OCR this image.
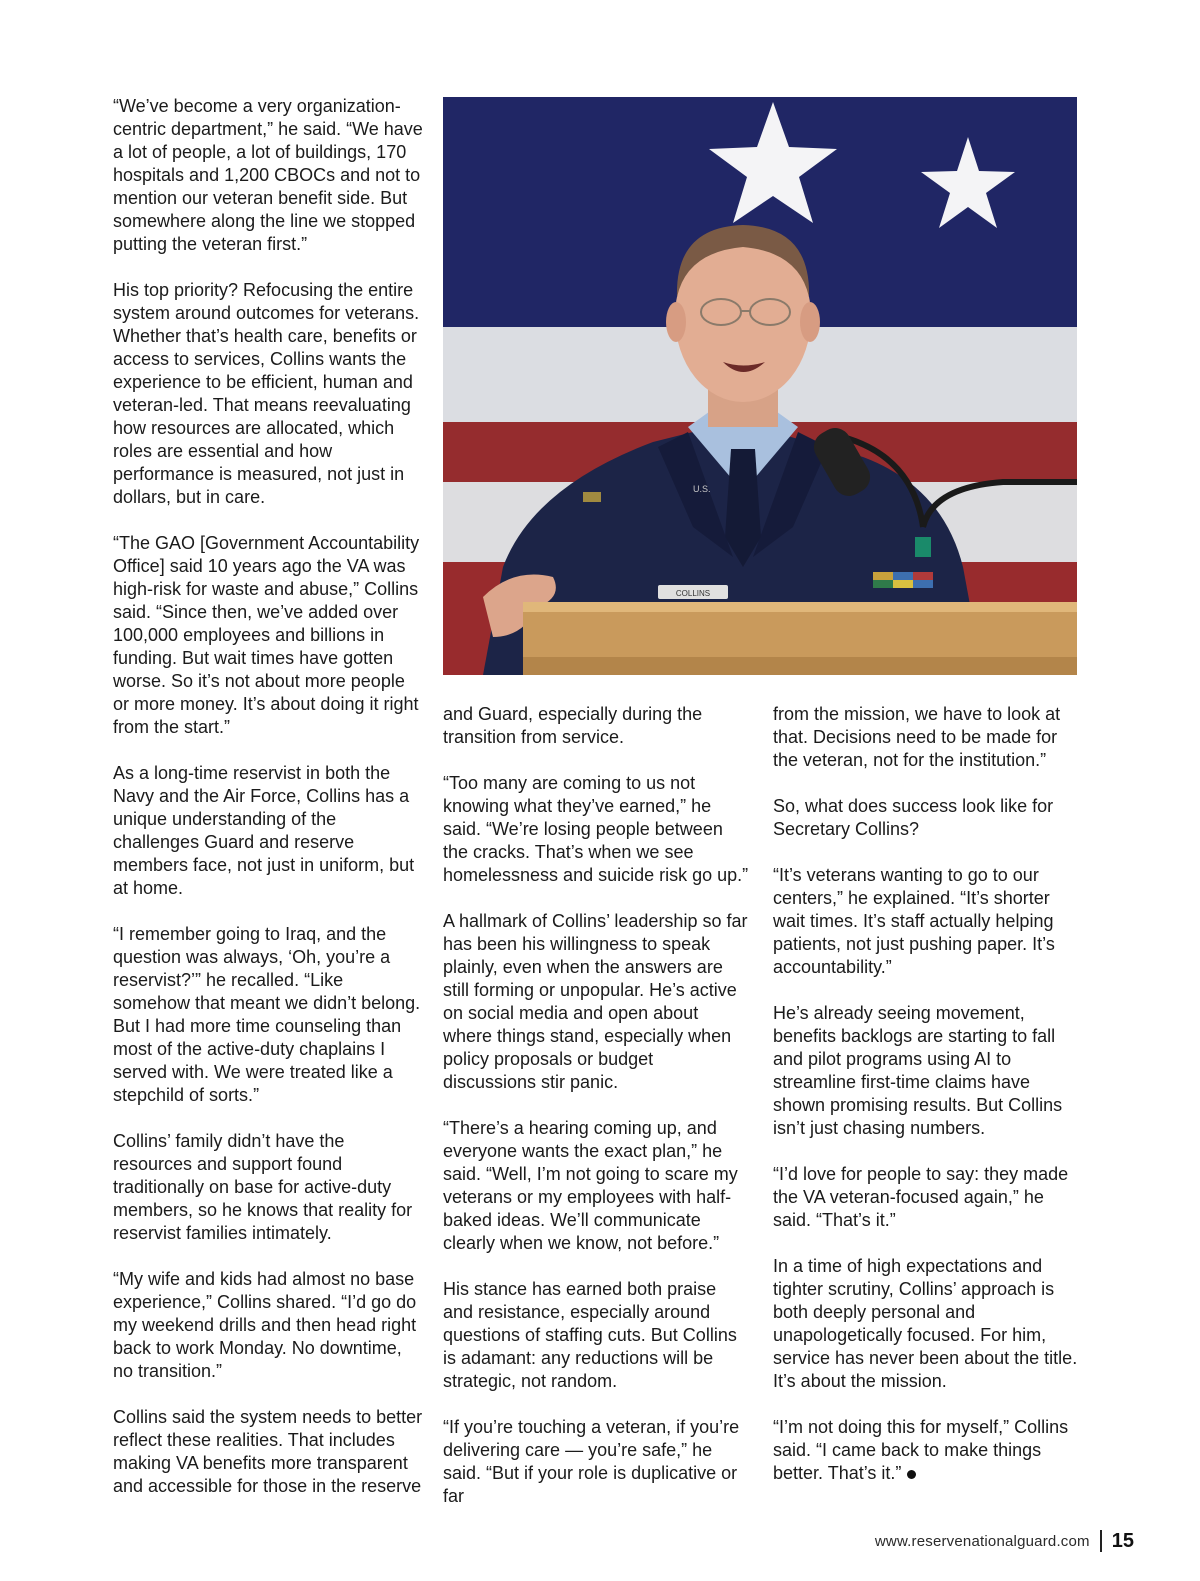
“We’ve become a very organization-centric department,” he said. “We have a lot of people, a lot of buildings, 170 hospitals and 1,200 CBOCs and not to mention our veteran benefit side. But somewhere along the line we stopped putting the veteran first.”

His top priority? Refocusing the entire system around outcomes for veterans. Whether that’s health care, benefits or access to services, Collins wants the experience to be efficient, human and veteran-led. That means reevaluating how resources are allocated, which roles are essential and how performance is measured, not just in dollars, but in care.

“The GAO [Government Accountability Office] said 10 years ago the VA was high-risk for waste and abuse,” Collins said. “Since then, we’ve added over 100,000 employees and billions in funding. But wait times have gotten worse. So it’s not about more people or more money. It’s about doing it right from the start.”

As a long-time reservist in both the Navy and the Air Force, Collins has a unique understanding of the challenges Guard and reserve members face, not just in uniform, but at home.

“I remember going to Iraq, and the question was always, ‘Oh, you’re a reservist?’” he recalled. “Like somehow that meant we didn’t belong. But I had more time counseling than most of the active-duty chaplains I served with. We were treated like a stepchild of sorts.”

Collins’ family didn’t have the resources and support found traditionally on base for active-duty members, so he knows that reality for reservist families intimately.

“My wife and kids had almost no base experience,” Collins shared. “I’d go do my weekend drills and then head right back to work Monday. No downtime, no transition.”

Collins said the system needs to better reflect these realities. That includes making VA benefits more transparent and accessible for those in the reserve

U.S.
COLLINS

and Guard, especially during the transition from service.

“Too many are coming to us not knowing what they’ve earned,” he said. “We’re losing people between the cracks. That’s when we see homelessness and suicide risk go up.”

A hallmark of Collins’ leadership so far has been his willingness to speak plainly, even when the answers are still forming or unpopular. He’s active on social media and open about where things stand, especially when policy proposals or budget discussions stir panic.

“There’s a hearing coming up, and everyone wants the exact plan,” he said. “Well, I’m not going to scare my veterans or my employees with half-baked ideas. We’ll communicate clearly when we know, not before.”

His stance has earned both praise and resistance, especially around questions of staffing cuts. But Collins is adamant: any reductions will be strategic, not random.

“If you’re touching a veteran, if you’re delivering care — you’re safe,” he said. “But if your role is duplicative or far

from the mission, we have to look at that. Decisions need to be made for the veteran, not for the institution.”

So, what does success look like for Secretary Collins?

“It’s veterans wanting to go to our centers,” he explained. “It’s shorter wait times. It’s staff actually helping patients, not just pushing paper. It’s accountability.”

He’s already seeing movement, benefits backlogs are starting to fall and pilot programs using AI to streamline first-time claims have shown promising results. But Collins isn’t just chasing numbers.

“I’d love for people to say: they made the VA veteran-focused again,” he said. “That’s it.”

In a time of high expectations and tighter scrutiny, Collins’ approach is both deeply personal and unapologetically focused. For him, service has never been about the title. It’s about the mission.

“I’m not doing this for myself,” Collins said. “I came back to make things better. That’s it.”

www.reservenationalguard.com 15
